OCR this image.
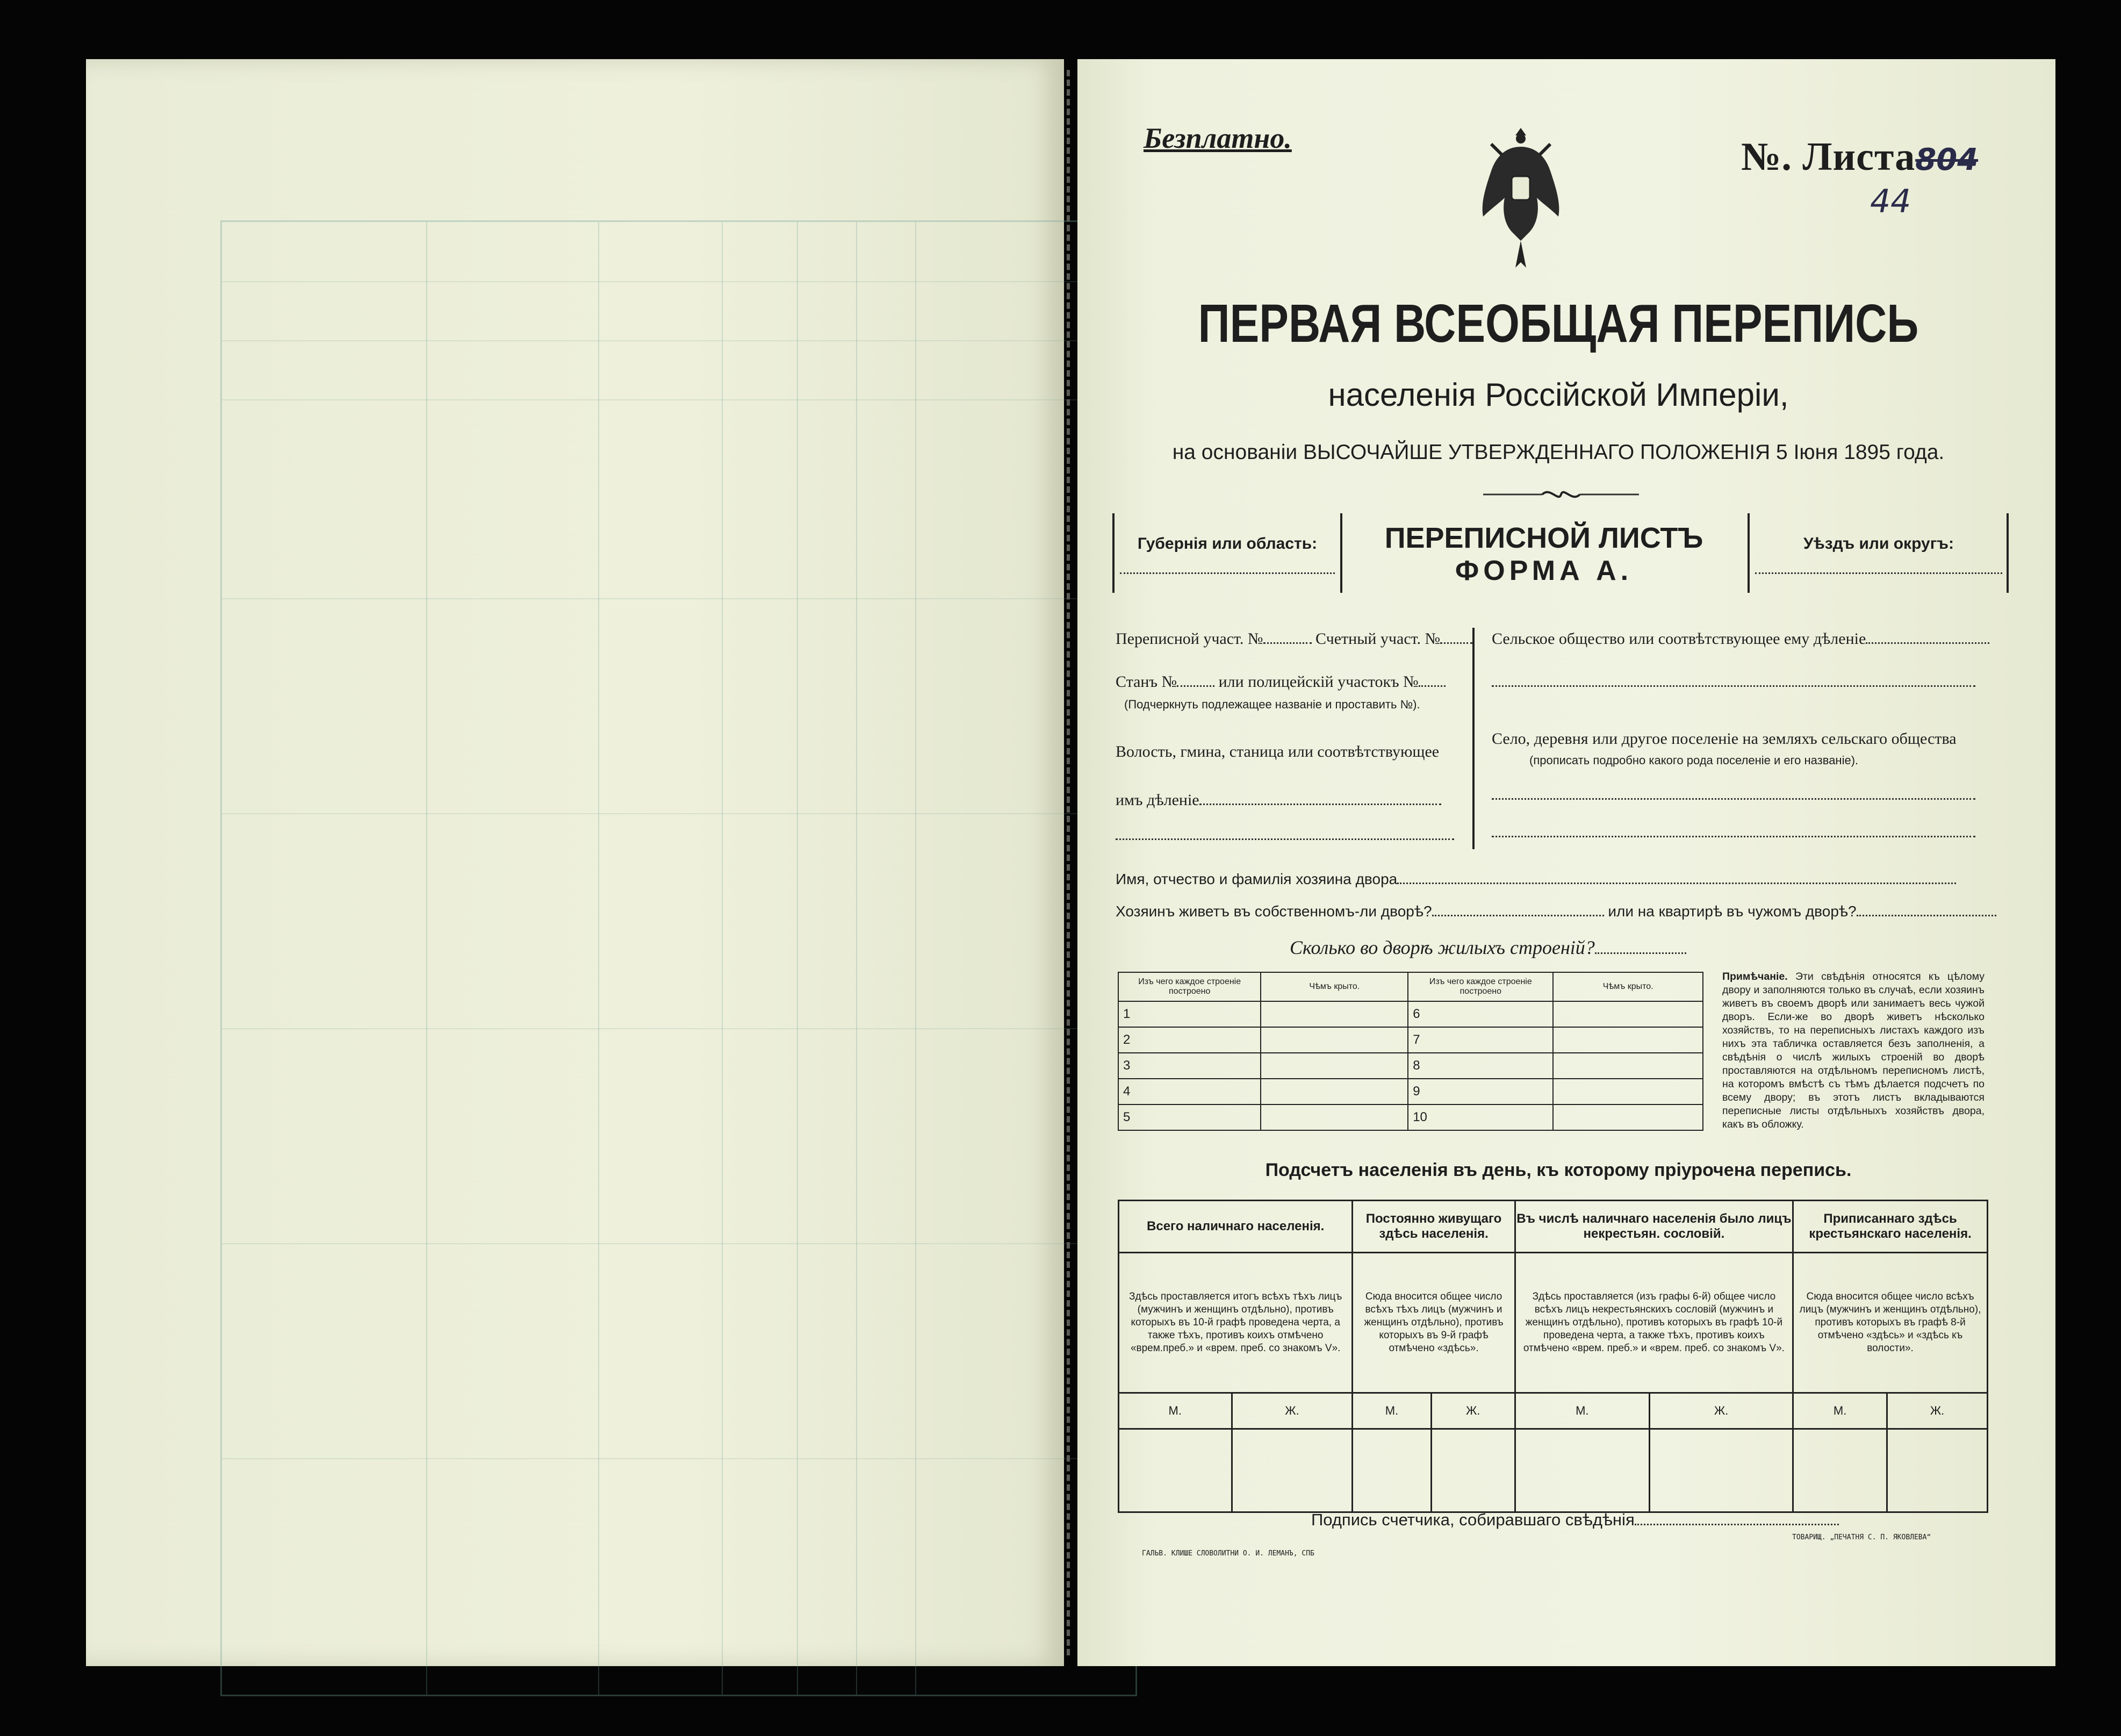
Безплатно.	№. Листа804
44
ПЕРВАЯ ВСЕОБЩАЯ ПЕРЕПИСЬ
населенія Россійской Имперіи,
на основаніи ВЫСОЧАЙШЕ УТВЕРЖДЕННАГО ПОЛОЖЕНІЯ 5 Іюня 1895 года.
Губернія или область:	ПЕРЕПИСНОЙ ЛИСТЪ
ФОРМА А.
Уѣздъ или округъ:
Переписной участ. №	Счетный участ. №
Станъ №	или полицейскій участокъ №
(Подчеркнуть подлежащее названіе и проставить №).
Волость, гмина, станица или соотвѣтствующее
имъ дѣленіе
Сельское общество или соотвѣтствующее ему дѣленіе
Село, деревня или другое поселеніе на земляхъ сельскаго общества
(прописать подробно какого рода поселеніе и его названіе).
Имя, отчество и фамилія хозяина двора
Хозяинъ живетъ въ собственномъ-ли дворѣ?	или на квартирѣ въ чужомъ дворѣ?
Сколько во дворѣ жилыхъ строеній?
Изъ чего каждое строеніе построено	Чѣмъ крыто.	Изъ чего каждое строеніе построено	Чѣмъ крыто.
1		6	
2		7	
3		8	
4		9	
5		10	
Примѣчаніе. Эти свѣдѣнія относятся къ цѣлому двору и заполняются только въ случаѣ, если хозяинъ живетъ въ своемъ дворѣ или занимаетъ весь чужой дворъ. Если-же во дворѣ живетъ нѣсколько хозяйствъ, то на переписныхъ листахъ каждого изъ нихъ эта табличка оставляется безъ заполненія, а свѣдѣнія о числѣ жилыхъ строеній во дворѣ проставляются на отдѣльномъ переписномъ листѣ, на которомъ вмѣстѣ съ тѣмъ дѣлается подсчетъ по всему двору; въ этотъ листъ вкладываются переписные листы отдѣльныхъ хозяйствъ двора, какъ въ обложку.
Подсчетъ населенія въ день, къ которому пріурочена перепись.
Всего наличнаго населенія.		Постоянно живущаго здѣсь населенія.		Въ числѣ наличнаго населенія было лицъ некрестьян. сословій.		Приписаннаго здѣсь крестьянскаго населенія.	
Здѣсь проставляется итогъ всѣхъ тѣхъ лицъ (мужчинъ и женщинъ отдѣльно), противъ которыхъ въ 10-й графѣ проведена черта, а также тѣхъ, противъ коихъ отмѣчено «врем.преб.» и «врем. преб. со знакомъ V».		Сюда вносится общее число всѣхъ тѣхъ лицъ (мужчинъ и женщинъ отдѣльно), противъ которыхъ въ 9-й графѣ отмѣчено «здѣсь».		Здѣсь проставляется (изъ графы 6-й) общее число всѣхъ лицъ некрестьянскихъ сословій (мужчинъ и женщинъ отдѣльно), противъ которыхъ въ графѣ 10-й проведена черта, а также тѣхъ, противъ коихъ отмѣчено «врем. преб.» и «врем. преб. со знакомъ V».		Сюда вносится общее число всѣхъ лицъ (мужчинъ и женщинъ отдѣльно), противъ которыхъ въ графѣ 8-й отмѣчено «здѣсь» и «здѣсь къ волости».	
М.	Ж.	М.	Ж.	М.	Ж.	М.	Ж.

Подпись счетчика, собиравшаго свѣдѣнія
ГАЛЬВ. КЛИШЕ СЛОВОЛИТНИ О. И. ЛЕМАНЪ, СПБ
ТОВАРИЩ. „ПЕЧАТНЯ С. П. ЯКОВЛЕВА“
